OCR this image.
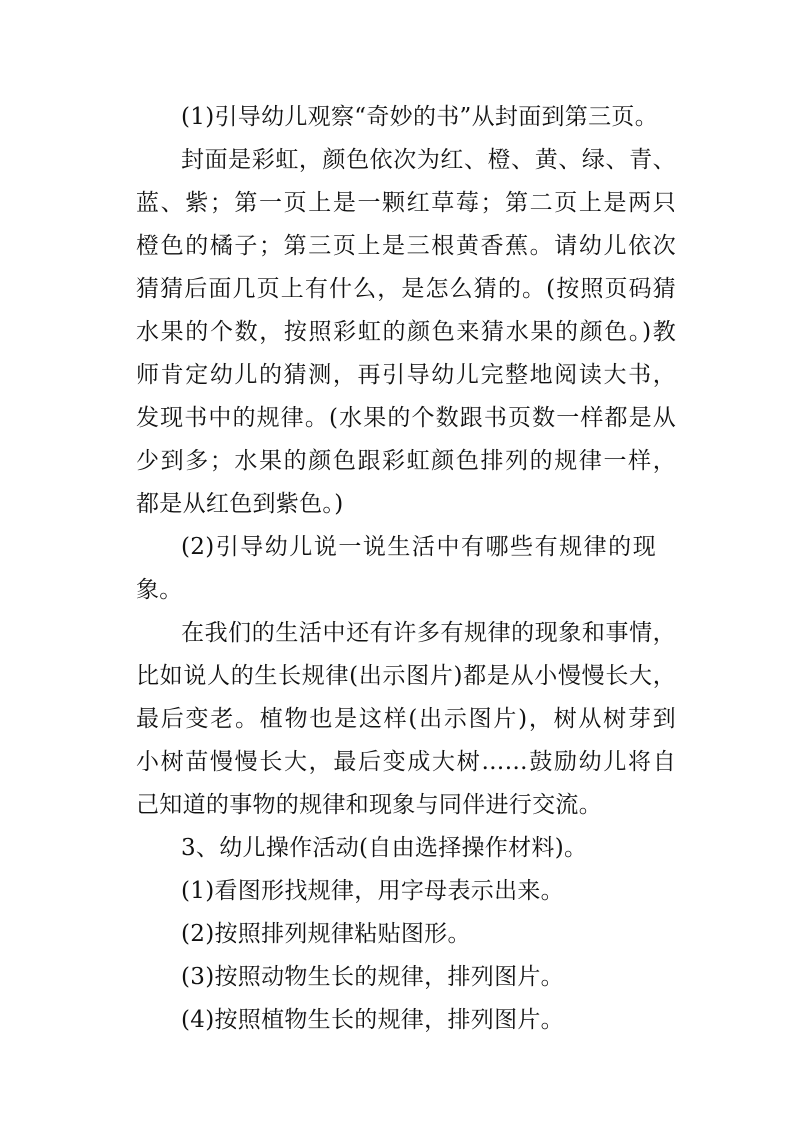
(1)引导幼儿观察“奇妙的书”从封面到第三页。
封面是彩虹，颜色依次为红、橙、黄、绿、青、
蓝、紫；第一页上是一颗红草莓；第二页上是两只
橙色的橘子；第三页上是三根黄香蕉。请幼儿依次
猜猜后面几页上有什么，是怎么猜的。(按照页码猜
水果的个数，按照彩虹的颜色来猜水果的颜色。)教
师肯定幼儿的猜测，再引导幼儿完整地阅读大书，
发现书中的规律。(水果的个数跟书页数一样都是从
少到多；水果的颜色跟彩虹颜色排列的规律一样，
都是从红色到紫色。)
(2)引导幼儿说一说生活中有哪些有规律的现
象。
在我们的生活中还有许多有规律的现象和事情，
比如说人的生长规律(出示图片)都是从小慢慢长大，
最后变老。植物也是这样(出示图片)，树从树芽到
小树苗慢慢长大，最后变成大树……鼓励幼儿将自
己知道的事物的规律和现象与同伴进行交流。
3、幼儿操作活动(自由选择操作材料)。
(1)看图形找规律，用字母表示出来。
(2)按照排列规律粘贴图形。
(3)按照动物生长的规律，排列图片。
(4)按照植物生长的规律，排列图片。
